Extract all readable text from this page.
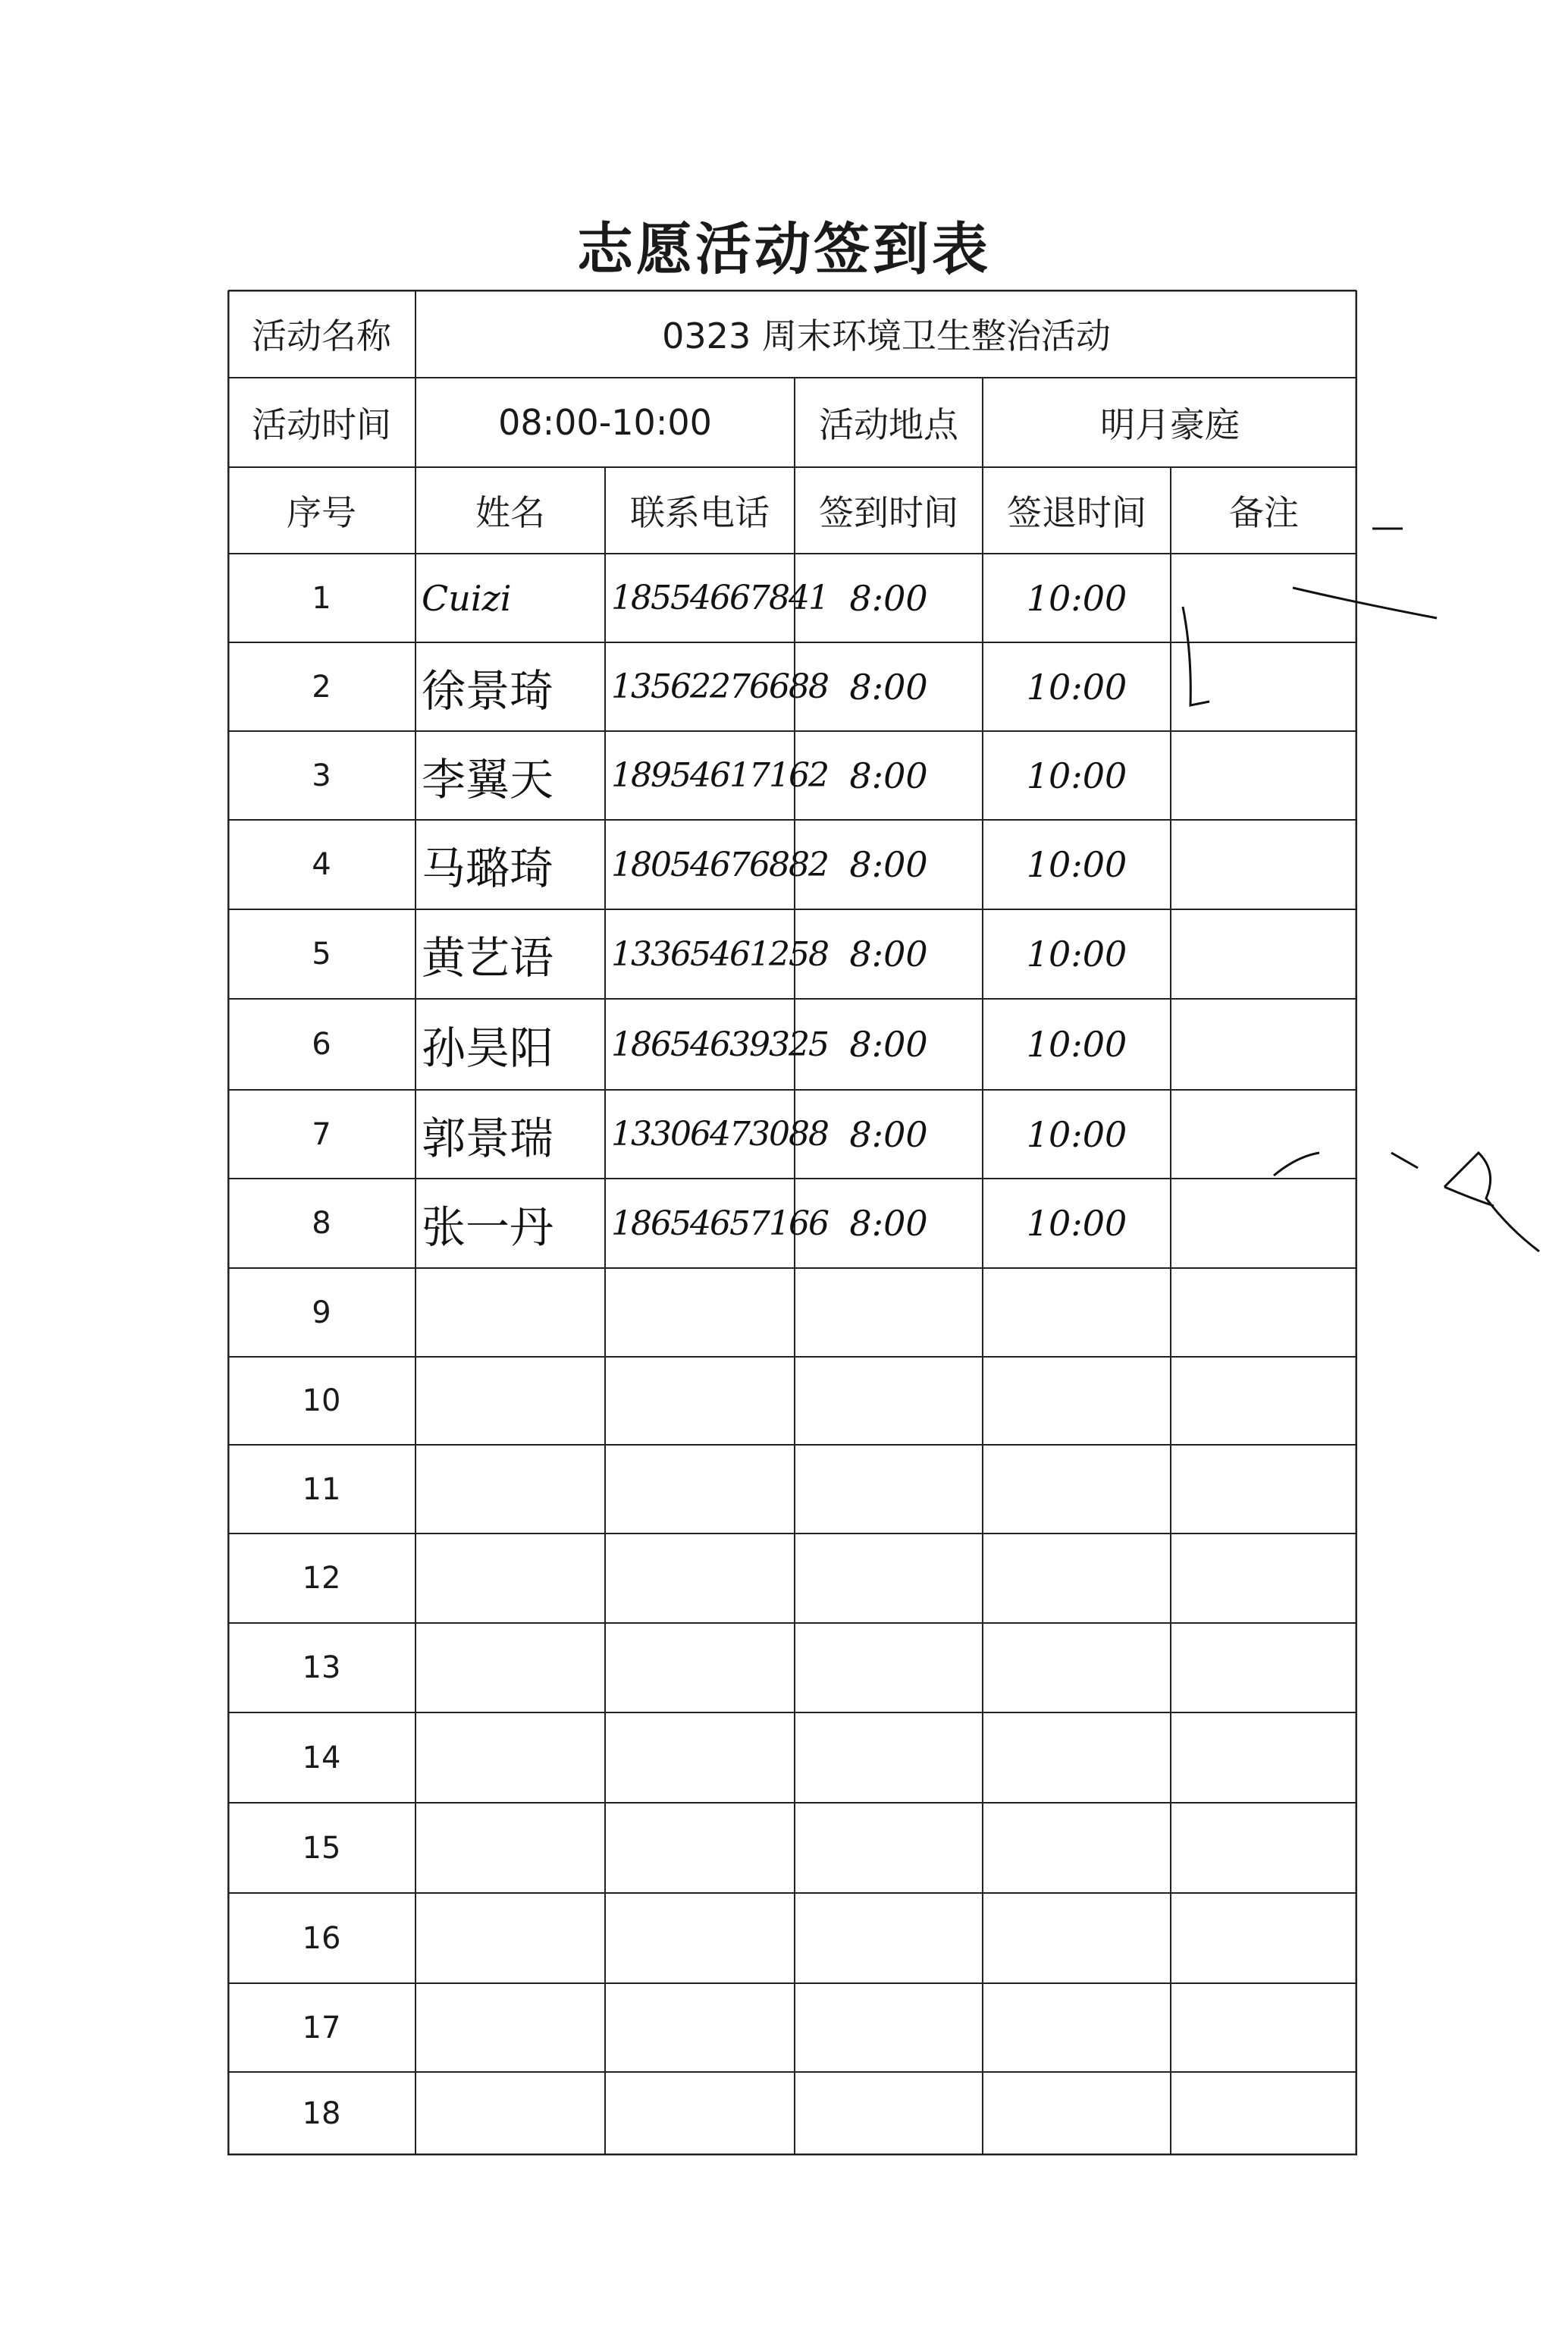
志愿活动签到表
活动名称	0323 周末环境卫生整治活动
活动时间	08:00-10:00	活动地点	明月豪庭
序号	姓名	联系电话	签到时间	签退时间	备注
1	Cuizi	18554667841 8:00	10:00
2	徐景琦	13562276688 8:00	10:00
3	李翼天	18954617162 8:00	10:00
4	马璐琦	18054676882 8:00	10:00
5	黄艺语	13365461258 8:00	10:00
6	孙昊阳	18654639325 8:00	10:00
7	郭景瑞	13306473088 8:00	10:00
8	张一丹	18654657166 8:00	10:00
9
10
11
12
13
14
15
16
17
18
